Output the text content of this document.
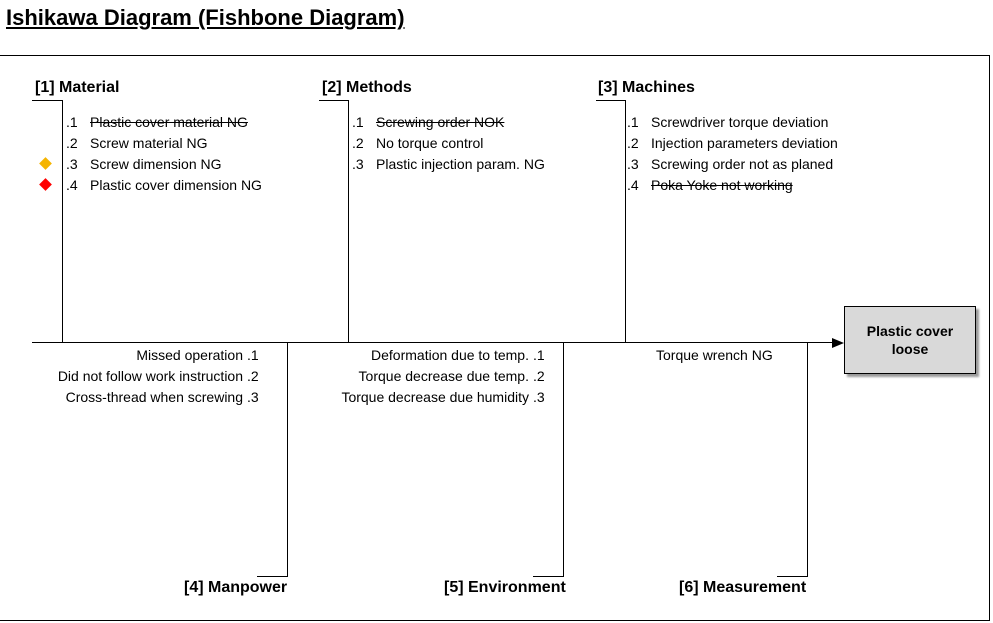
Ishikawa Diagram (Fishbone Diagram)
[1] Material	[2] Methods	[3] Machines
[4] Manpower	[5] Environment	[6] Measurement
.1 Plastic cover material NG
.2 Screw material NG
.3 Screw dimension NG
.4 Plastic cover dimension NG
.1 Screwing order NOK
.2 No torque control
.3 Plastic injection param. NG
.1 Screwdriver torque deviation
.2 Injection parameters deviation
.3 Screwing order not as planed
.4 Poka Yoke not working
Missed operation .1
Did not follow work instruction .2
Cross-thread when screwing .3
Deformation due to temp. .1
Torque decrease due temp. .2
Torque decrease due humidity .3
Torque wrench NG
Plastic cover loose
